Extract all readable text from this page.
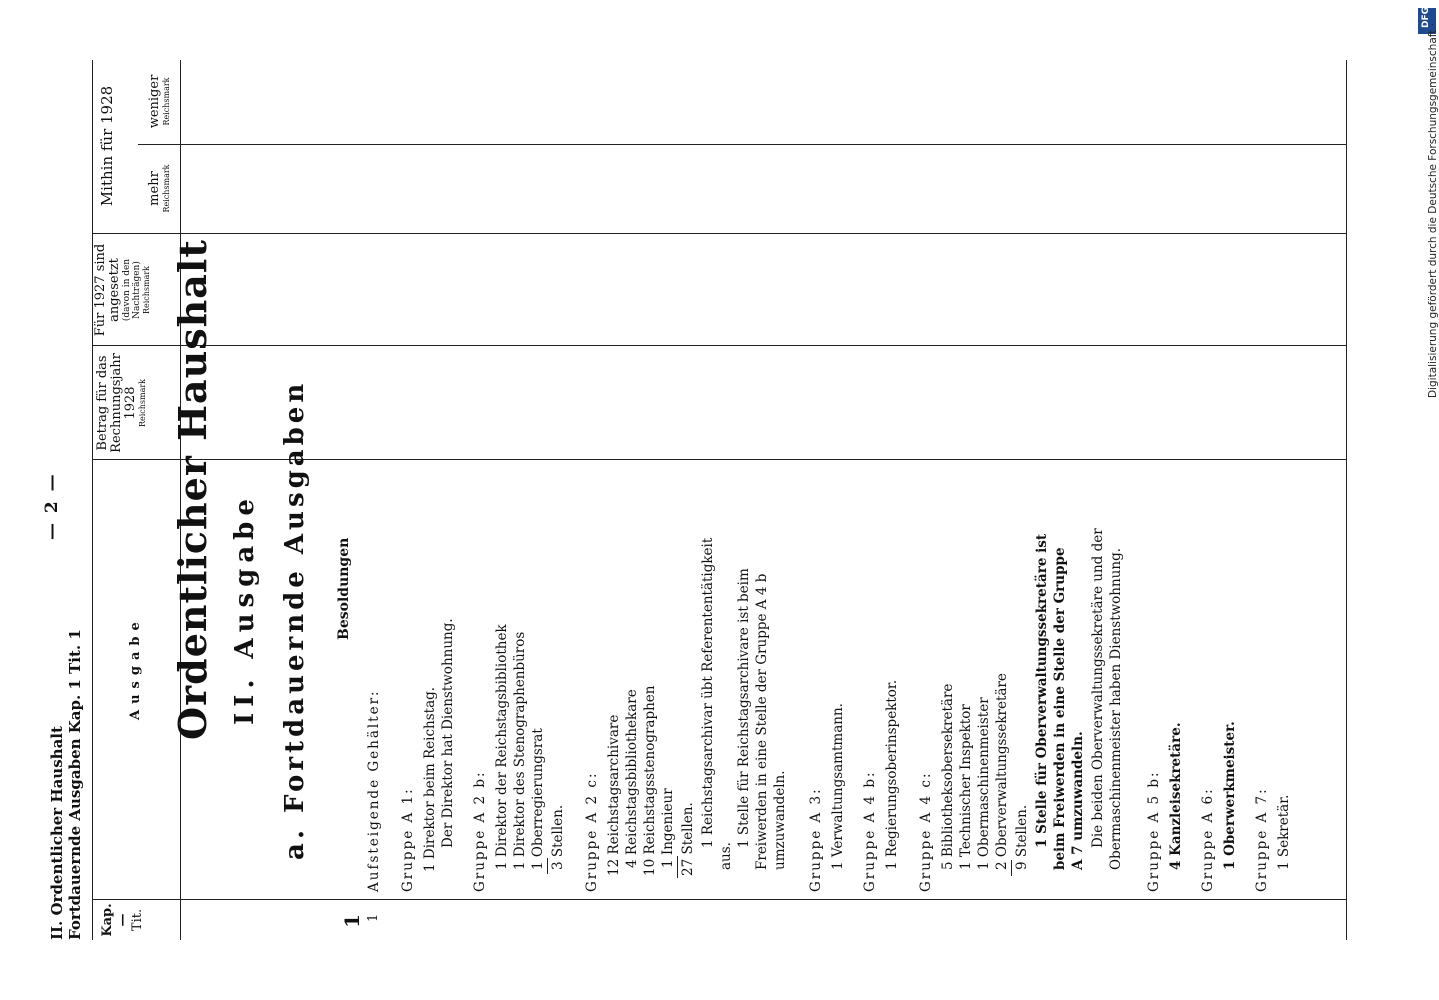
DFG
Digitalisierung gefördert durch die Deutsche Forschungsgemeinschaft ·
II. Ordentlicher Haushalt Fortdauernde Ausgaben Kap. 1 Tit. 1
— 2 —
Kap.
—
Tit.
Ausgabe
Betrag für das Rechnungsjahr 1928 Reichsmark
Für 1927 sind angesetzt (davon in den Nachträgen) Reichsmark
Mithin für 1928 mehr Reichsmark
weniger Reichsmark
1 1
Ordentlicher Haushalt II. Ausgabe a. Fortdauernde Ausgaben Besoldungen
Aufsteigende Gehälter: Gruppe A 1: 1 Direktor beim Reichstag. Der Direktor hat Dienstwohnung. Gruppe A 2 b: 1 Direktor der Reichstagsbibliothek 1 Direktor des Stenographenbüros 1 Oberregierungsrat 3 Stellen. Gruppe A 2 c: 12 Reichstagsarchivare 4 Reichstagsbibliothekare 10 Reichstagsstenographen 1 Ingenieur 27 Stellen. 1 Reichstagsarchivar übt Referententätigkeit
aus.
1 Stelle für Reichstagsarchivare ist beim Freiwerden in eine Stelle der Gruppe A 4 b umzuwandeln. Gruppe A 3: 1 Verwaltungsamtmann. Gruppe A 4 b: 1 Regierungsoberinspektor. Gruppe A 4 c: 5 Bibliotheksobersekretäre 1 Technischer Inspektor 1 Obermaschinenmeister 2 Oberverwaltungssekretäre 9 Stellen. 1 Stelle für Oberverwaltungssekretäre ist beim Freiwerden in eine Stelle der Gruppe A 7 umzuwandeln. Die beiden Oberverwaltungssekretäre und der Obermaschinenmeister haben Dienstwohnung. Gruppe A 5 b: 4 Kanzleisekretäre. Gruppe A 6: 1 Oberwerkmeister. Gruppe A 7: 1 Sekretär.
